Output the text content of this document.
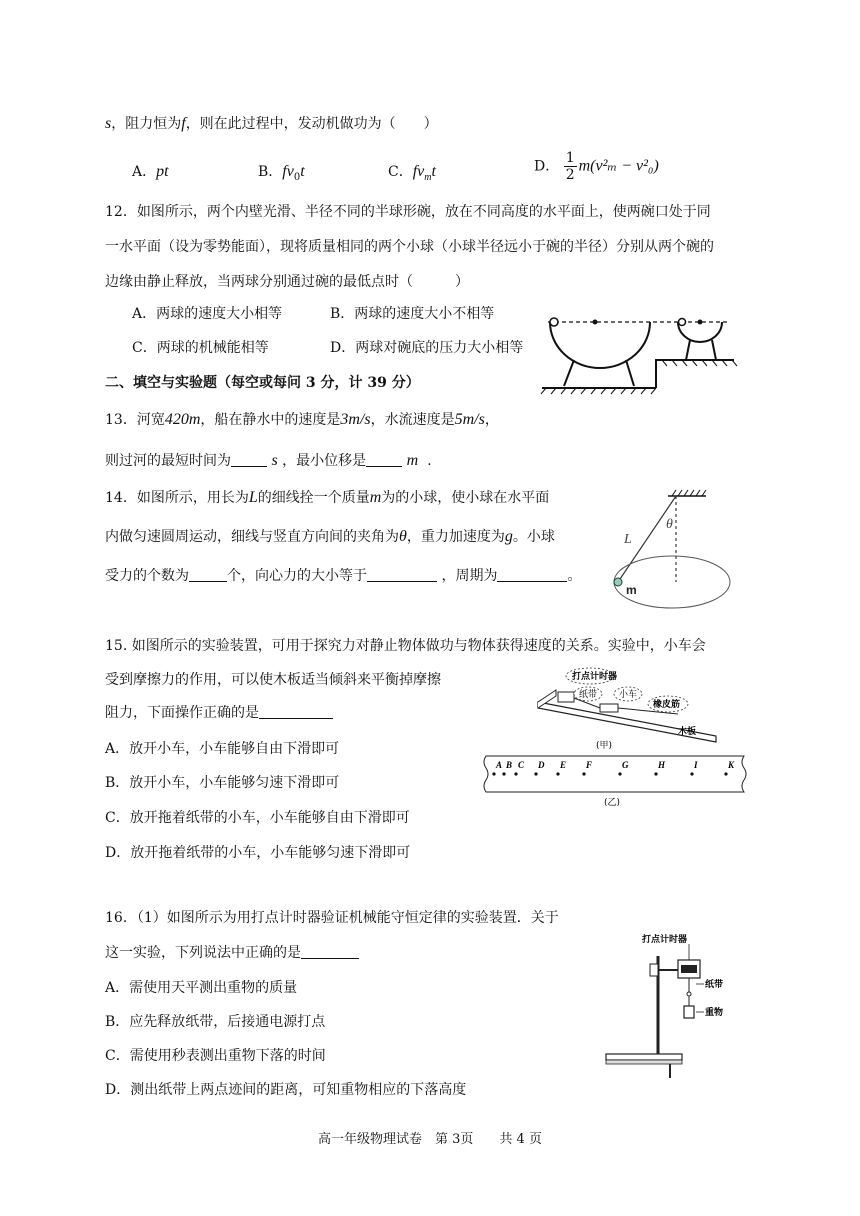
s，阻力恒为f，则在此过程中，发动机做功为（　　）
A．pt	B．$fv_0t$	C．$fv_mt$	D． $\frac{1}{2} m(v^2_m - v^2_0)$
12．如图所示，两个内壁光滑、半径不同的半球形碗，放在不同高度的水平面上，使两碗口处于同
一水平面（设为零势能面），现将质量相同的两个小球（小球半径远小于碗的半径）分别从两个碗的
边缘由静止释放，当两球分别通过碗的最低点时（　　　）
A．两球的速度大小相等	B．两球的速度大小不相等
C．两球的机械能相等	D．两球对碗底的压力大小相等
二、填空与实验题（每空或每问 3 分，计 39 分）
13．河宽420m，船在静水中的速度是3m/s，水流速度是5m/s，
则过河的最短时间为	s ，最小位移是	m .
14．如图所示，用长为L的细线拴一个质量m为的小球，使小球在水平面
内做匀速圆周运动，细线与竖直方向间的夹角为θ，重力加速度为g。小球
受力的个数为	个，向心力的大小等于	，周期为	。
L
θ
m
15. 如图所示的实验装置，可用于探究力对静止物体做功与物体获得速度的关系。实验中，小车会
受到摩擦力的作用，可以使木板适当倾斜来平衡掉摩擦
阻力，下面操作正确的是
A．放开小车，小车能够自由下滑即可
B．放开小车，小车能够匀速下滑即可
C．放开拖着纸带的小车，小车能够自由下滑即可
D．放开拖着纸带的小车，小车能够匀速下滑即可
打点计时器
纸带 小车
橡皮筋
木板
(甲)
A B C D E F	G	H	I	K
(乙)
16．（1）如图所示为用打点计时器验证机械能守恒定律的实验装置．关于
这一实验，下列说法中正确的是
A．需使用天平测出重物的质量
B．应先释放纸带，后接通电源打点
C．需使用秒表测出重物下落的时间
D．测出纸带上两点迹间的距离，可知重物相应的下落高度
打点计时器
纸带
重物
高一年级物理试卷　第 3页　　共 4 页
